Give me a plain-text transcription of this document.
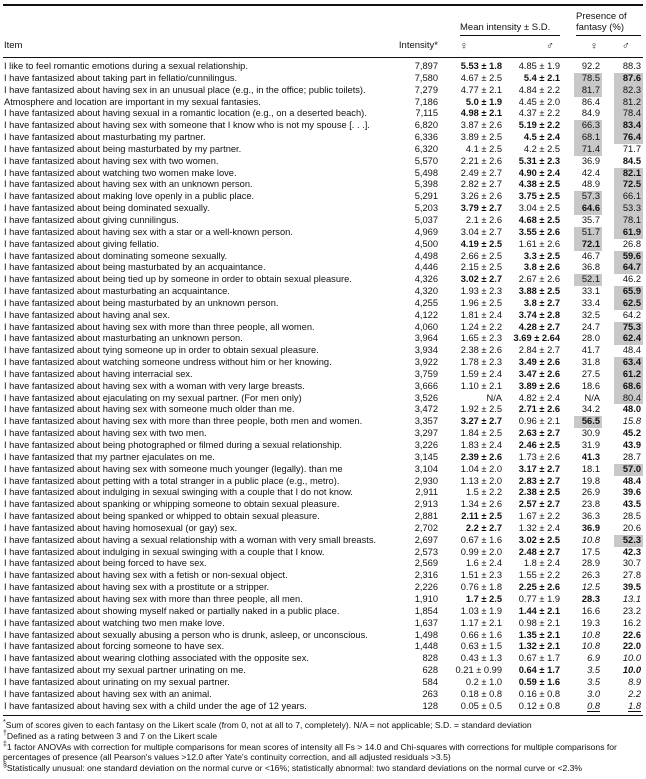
Mean intensity ± S.D.
Presence of fantasy (%)
Item	Intensity*	♀	♂	♀	♂
I like to feel romantic emotions during a sexual relationship.	7,897	5.53 ± 1.8	4.85 ± 1.9	92.2	88.3
I have fantasized about taking part in fellatio/cunnilingus.	7,580	4.67 ± 2.5	5.4 ± 2.1	78.5	87.6
I have fantasized about having sex in an unusual place (e.g., in the office; public toilets).	7,279	4.77 ± 2.1	4.84 ± 2.2	81.7	82.3
Atmosphere and location are important in my sexual fantasies.	7,186	5.0 ± 1.9	4.45 ± 2.0	86.4	81.2
I have fantasized about having sexual in a romantic location (e.g., on a deserted beach).	7,115	4.98 ± 2.1	4.37 ± 2.2	84.9	78.4
I have fantasized about having sex with someone that I know who is not my spouse [. . .].	6,820	3.87 ± 2.6	5.19 ± 2.2	66.3	83.4
I have fantasized about masturbating my partner.	6,336	3.89 ± 2.5	4.5 ± 2.4	68.1	76.4
I have fantasized about being masturbated by my partner.	6,320	4.1 ± 2.5	4.2 ± 2.5	71.4	71.7
I have fantasized about having sex with two women.	5,570	2.21 ± 2.6	5.31 ± 2.3	36.9	84.5
I have fantasized about watching two women make love.	5,498	2.49 ± 2.7	4.90 ± 2.4	42.4	82.1
I have fantasized about having sex with an unknown person.	5,398	2.82 ± 2.7	4.38 ± 2.5	48.9	72.5
I have fantasized about making love openly in a public place.	5,291	3.26 ± 2.6	3.75 ± 2.5	57.3	66.1
I have fantasized about being dominated sexually.	5,203	3.79 ± 2.7	3.04 ± 2.5	64.6	53.3
I have fantasized about giving cunnilingus.	5,037	2.1 ± 2.6	4.68 ± 2.5	35.7	78.1
I have fantasized about having sex with a star or a well-known person.	4,969	3.04 ± 2.7	3.55 ± 2.6	51.7	61.9
I have fantasized about giving fellatio.	4,500	4.19 ± 2.5	1.61 ± 2.6	72.1	26.8
I have fantasized about dominating someone sexually.	4,498	2.66 ± 2.5	3.3 ± 2.5	46.7	59.6
I have fantasized about being masturbated by an acquaintance.	4,446	2.15 ± 2.5	3.8 ± 2.6	36.8	64.7
I have fantasized about being tied up by someone in order to obtain sexual pleasure.	4,326	3.02 ± 2.7	2.67 ± 2.6	52.1	46.2
I have fantasized about masturbating an acquaintance.	4,320	1.93 ± 2.3	3.88 ± 2.5	33.1	65.9
I have fantasized about being masturbated by an unknown person.	4,255	1.96 ± 2.5	3.8 ± 2.7	33.4	62.5
I have fantasized about having anal sex.	4,122	1.81 ± 2.4	3.74 ± 2.8	32.5	64.2
I have fantasized about having sex with more than three people, all women.	4,060	1.24 ± 2.2	4.28 ± 2.7	24.7	75.3
I have fantasized about masturbating an unknown person.	3,964	1.65 ± 2.3	3.69 ± 2.64	28.0	62.4
I have fantasized about tying someone up in order to obtain sexual pleasure.	3,934	2.38 ± 2.6	2.84 ± 2.7	41.7	48.4
I have fantasized about watching someone undress without him or her knowing.	3,922	1.78 ± 2.3	3.49 ± 2.6	31.8	63.4
I have fantasized about having interracial sex.	3,759	1.59 ± 2.4	3.47 ± 2.6	27.5	61.2
I have fantasized about having sex with a woman with very large breasts.	3,666	1.10 ± 2.1	3.89 ± 2.6	18.6	68.6
I have fantasized about ejaculating on my sexual partner. (For men only)	3,526	N/A	4.82 ± 2.4	N/A	80.4
I have fantasized about having sex with someone much older than me.	3,472	1.92 ± 2.5	2.71 ± 2.6	34.2	48.0
I have fantasized about having sex with more than three people, both men and women.	3,357	3.27 ± 2.7	0.96 ± 2.1	56.5	15.8
I have fantasized about having sex with two men.	3,297	1.84 ± 2.5	2.63 ± 2.7	30.9	45.2
I have fantasized about being photographed or filmed during a sexual relationship.	3,226	1.83 ± 2.4	2.46 ± 2.5	31.9	43.9
I have fantasized that my partner ejaculates on me.	3,145	2.39 ± 2.6	1.73 ± 2.6	41.3	28.7
I have fantasized about having sex with someone much younger (legally). than me	3,104	1.04 ± 2.0	3.17 ± 2.7	18.1	57.0
I have fantasized about petting with a total stranger in a public place (e.g., metro).	2,930	1.13 ± 2.0	2.83 ± 2.7	19.8	48.4
I have fantasized about indulging in sexual swinging with a couple that I do not know.	2,911	1.5 ± 2.2	2.38 ± 2.5	26.9	39.6
I have fantasized about spanking or whipping someone to obtain sexual pleasure.	2,913	1.34 ± 2.6	2.57 ± 2.7	23.8	43.5
I have fantasized about being spanked or whipped to obtain sexual pleasure.	2,881	2.11 ± 2.5	1.67 ± 2.2	36.3	28.5
I have fantasized about having homosexual (or gay) sex.	2,702	2.2 ± 2.7	1.32 ± 2.4	36.9	20.6
I have fantasized about having a sexual relationship with a woman with very small breasts.	2,697	0.67 ± 1.6	3.02 ± 2.5	10.8	52.3
I have fantasized about indulging in sexual swinging with a couple that I know.	2,573	0.99 ± 2.0	2.48 ± 2.7	17.5	42.3
I have fantasized about being forced to have sex.	2,569	1.6 ± 2.4	1.8 ± 2.4	28.9	30.7
I have fantasized about having sex with a fetish or non-sexual object.	2,316	1.51 ± 2.3	1.55 ± 2.2	26.3	27.8
I have fantasized about having sex with a prostitute or a stripper.	2,226	0.76 ± 1.8	2.25 ± 2.6	12.5	39.5
I have fantasized about having sex with more than three people, all men.	1,910	1.7 ± 2.5	0.77 ± 1.9	28.3	13.1
I have fantasized about showing myself naked or partially naked in a public place.	1,854	1.03 ± 1.9	1.44 ± 2.1	16.6	23.2
I have fantasized about watching two men make love.	1,637	1.17 ± 2.1	0.98 ± 2.1	19.3	16.2
I have fantasized about sexually abusing a person who is drunk, asleep, or unconscious.	1,498	0.66 ± 1.6	1.35 ± 2.1	10.8	22.6
I have fantasized about forcing someone to have sex.	1,448	0.63 ± 1.5	1.32 ± 2.1	10.8	22.0
I have fantasized about wearing clothing associated with the opposite sex.	828	0.43 ± 1.3	0.67 ± 1.7	6.9	10.0
I have fantasized about my sexual partner urinating on me.	628	0.21 ± 0.99	0.64 ± 1.7	3.5	10.0
I have fantasized about urinating on my sexual partner.	584	0.2 ± 1.0	0.59 ± 1.6	3.5	8.9
I have fantasized about having sex with an animal.	263	0.18 ± 0.8	0.16 ± 0.8	3.0	2.2
I have fantasized about having sex with a child under the age of 12 years.	128	0.05 ± 0.5	0.12 ± 0.8	0.8	1.8
*Sum of scores given to each fantasy on the Likert scale (from 0, not at all to 7, completely). N/A = not applicable; S.D. = standard deviation
†Defined as a rating between 3 and 7 on the Likert scale
‡1 factor ANOVAs with correction for multiple comparisons for mean scores of intensity all Fs > 14.0 and Chi-squares with corrections for multiple comparisons for percentages of presence (all Pearson's values >12.0 after Yate's continuity correction, and all adjusted residuals >3.5)
§Statistically unusual: one standard deviation on the normal curve or <16%; statistically abnormal: two standard deviations on the normal curve or <2.3%
